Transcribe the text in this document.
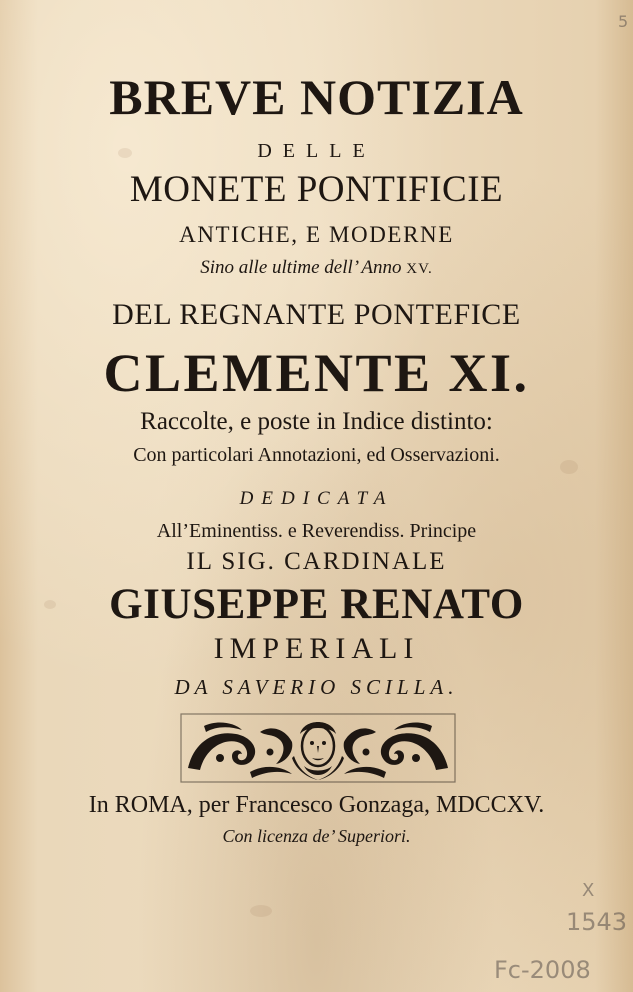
BREVE NOTIZIA
DELLE
MONETE PONTIFICIE
ANTICHE, E MODERNE
Sino alle ultime dell’ Anno XV.
DEL REGNANTE PONTEFICE
CLEMENTE XI.
Raccolte, e poste in Indice distinto:
Con particolari Annotazioni, ed Osservazioni.
DEDICATA
All’Eminentiss. e Reverendiss. Principe
IL SIG. CARDINALE
GIUSEPPE RENATO
IMPERIALI
DA SAVERIO SCILLA.
In ROMA, per Francesco Gonzaga, MDCCXV.
Con licenza de’ Superiori.
5
X
1543
Fc-2008
